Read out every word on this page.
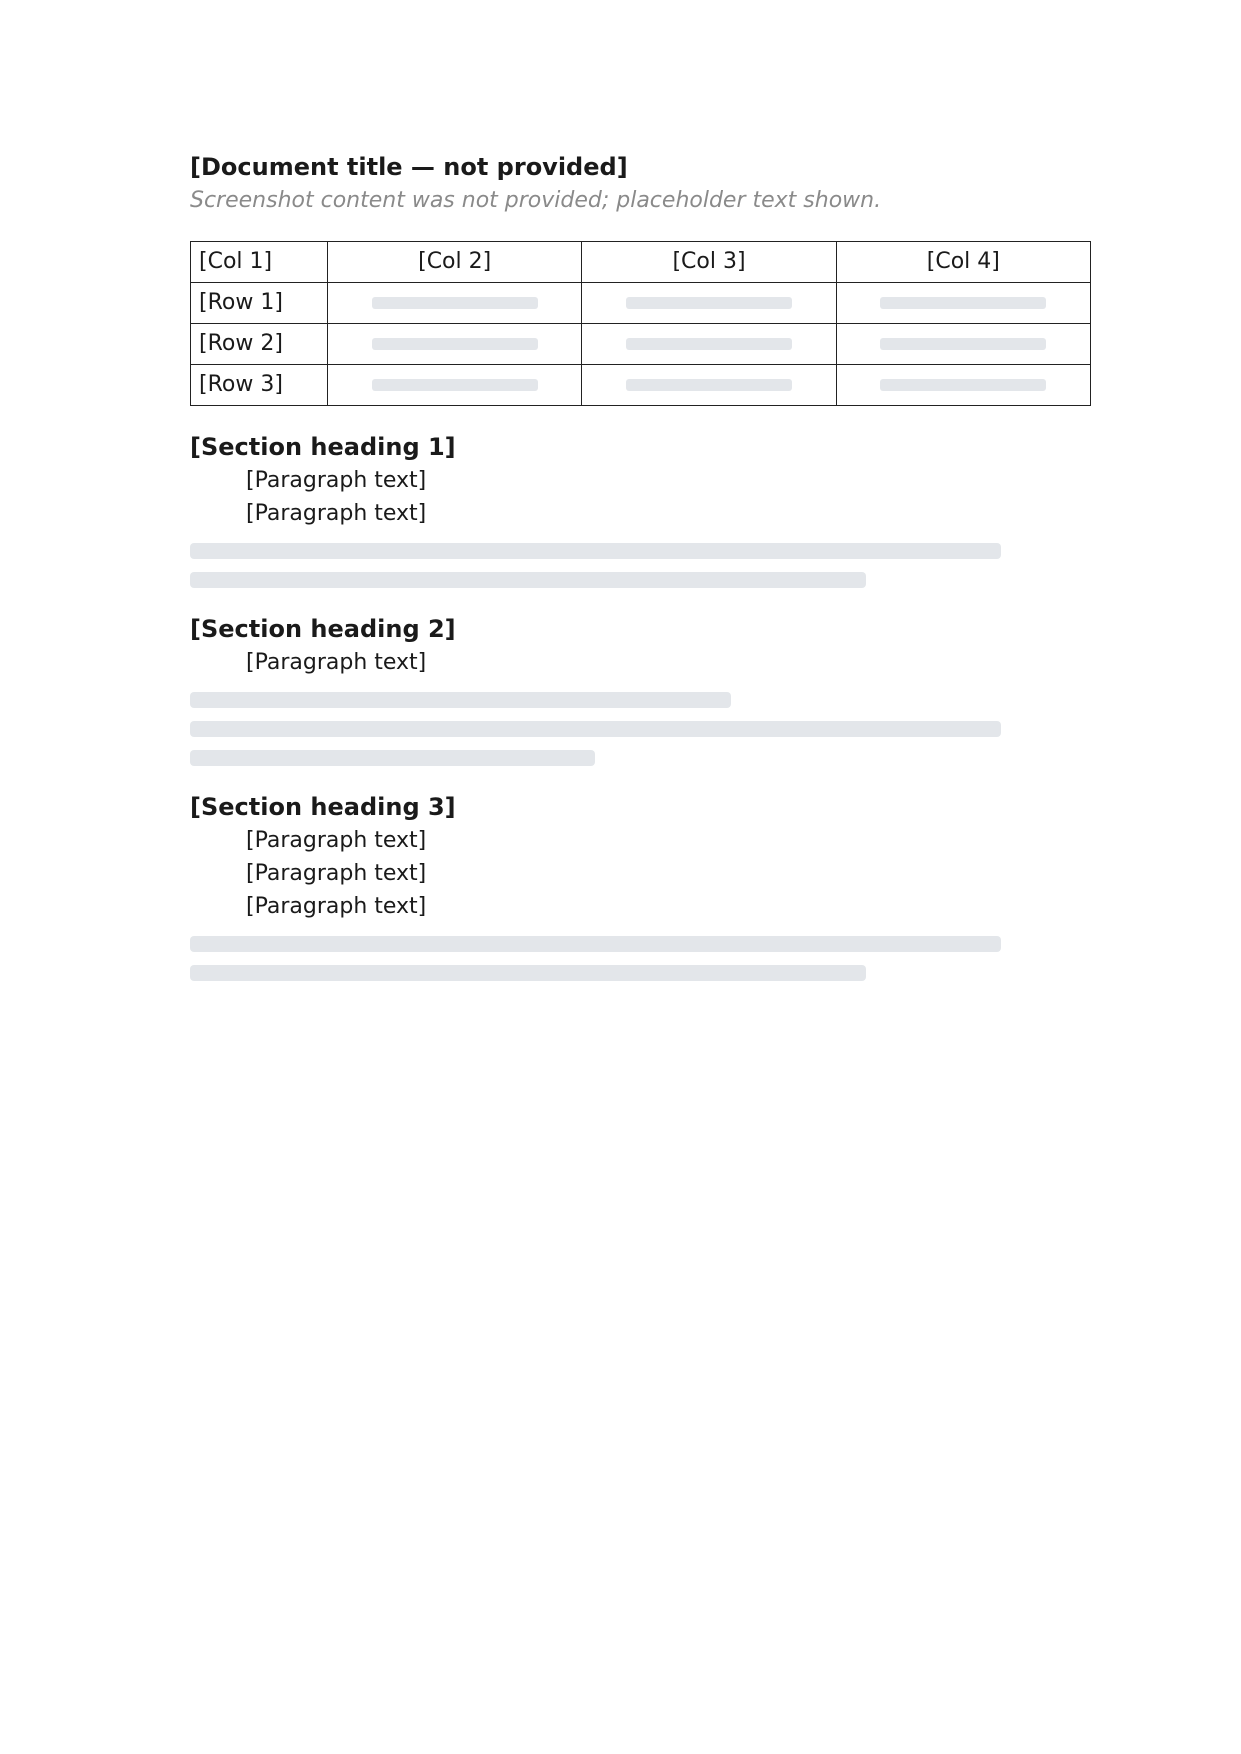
[Document title — not provided]

Screenshot content was not provided; placeholder text shown.

[Col 1]	[Col 2]	[Col 3]	[Col 4]
[Row 1]			
[Row 2]			
[Row 3]			
[Section heading 1]

[Paragraph text]

[Paragraph text]

[Section heading 2]

[Paragraph text]

[Section heading 3]

[Paragraph text]

[Paragraph text]

[Paragraph text]
